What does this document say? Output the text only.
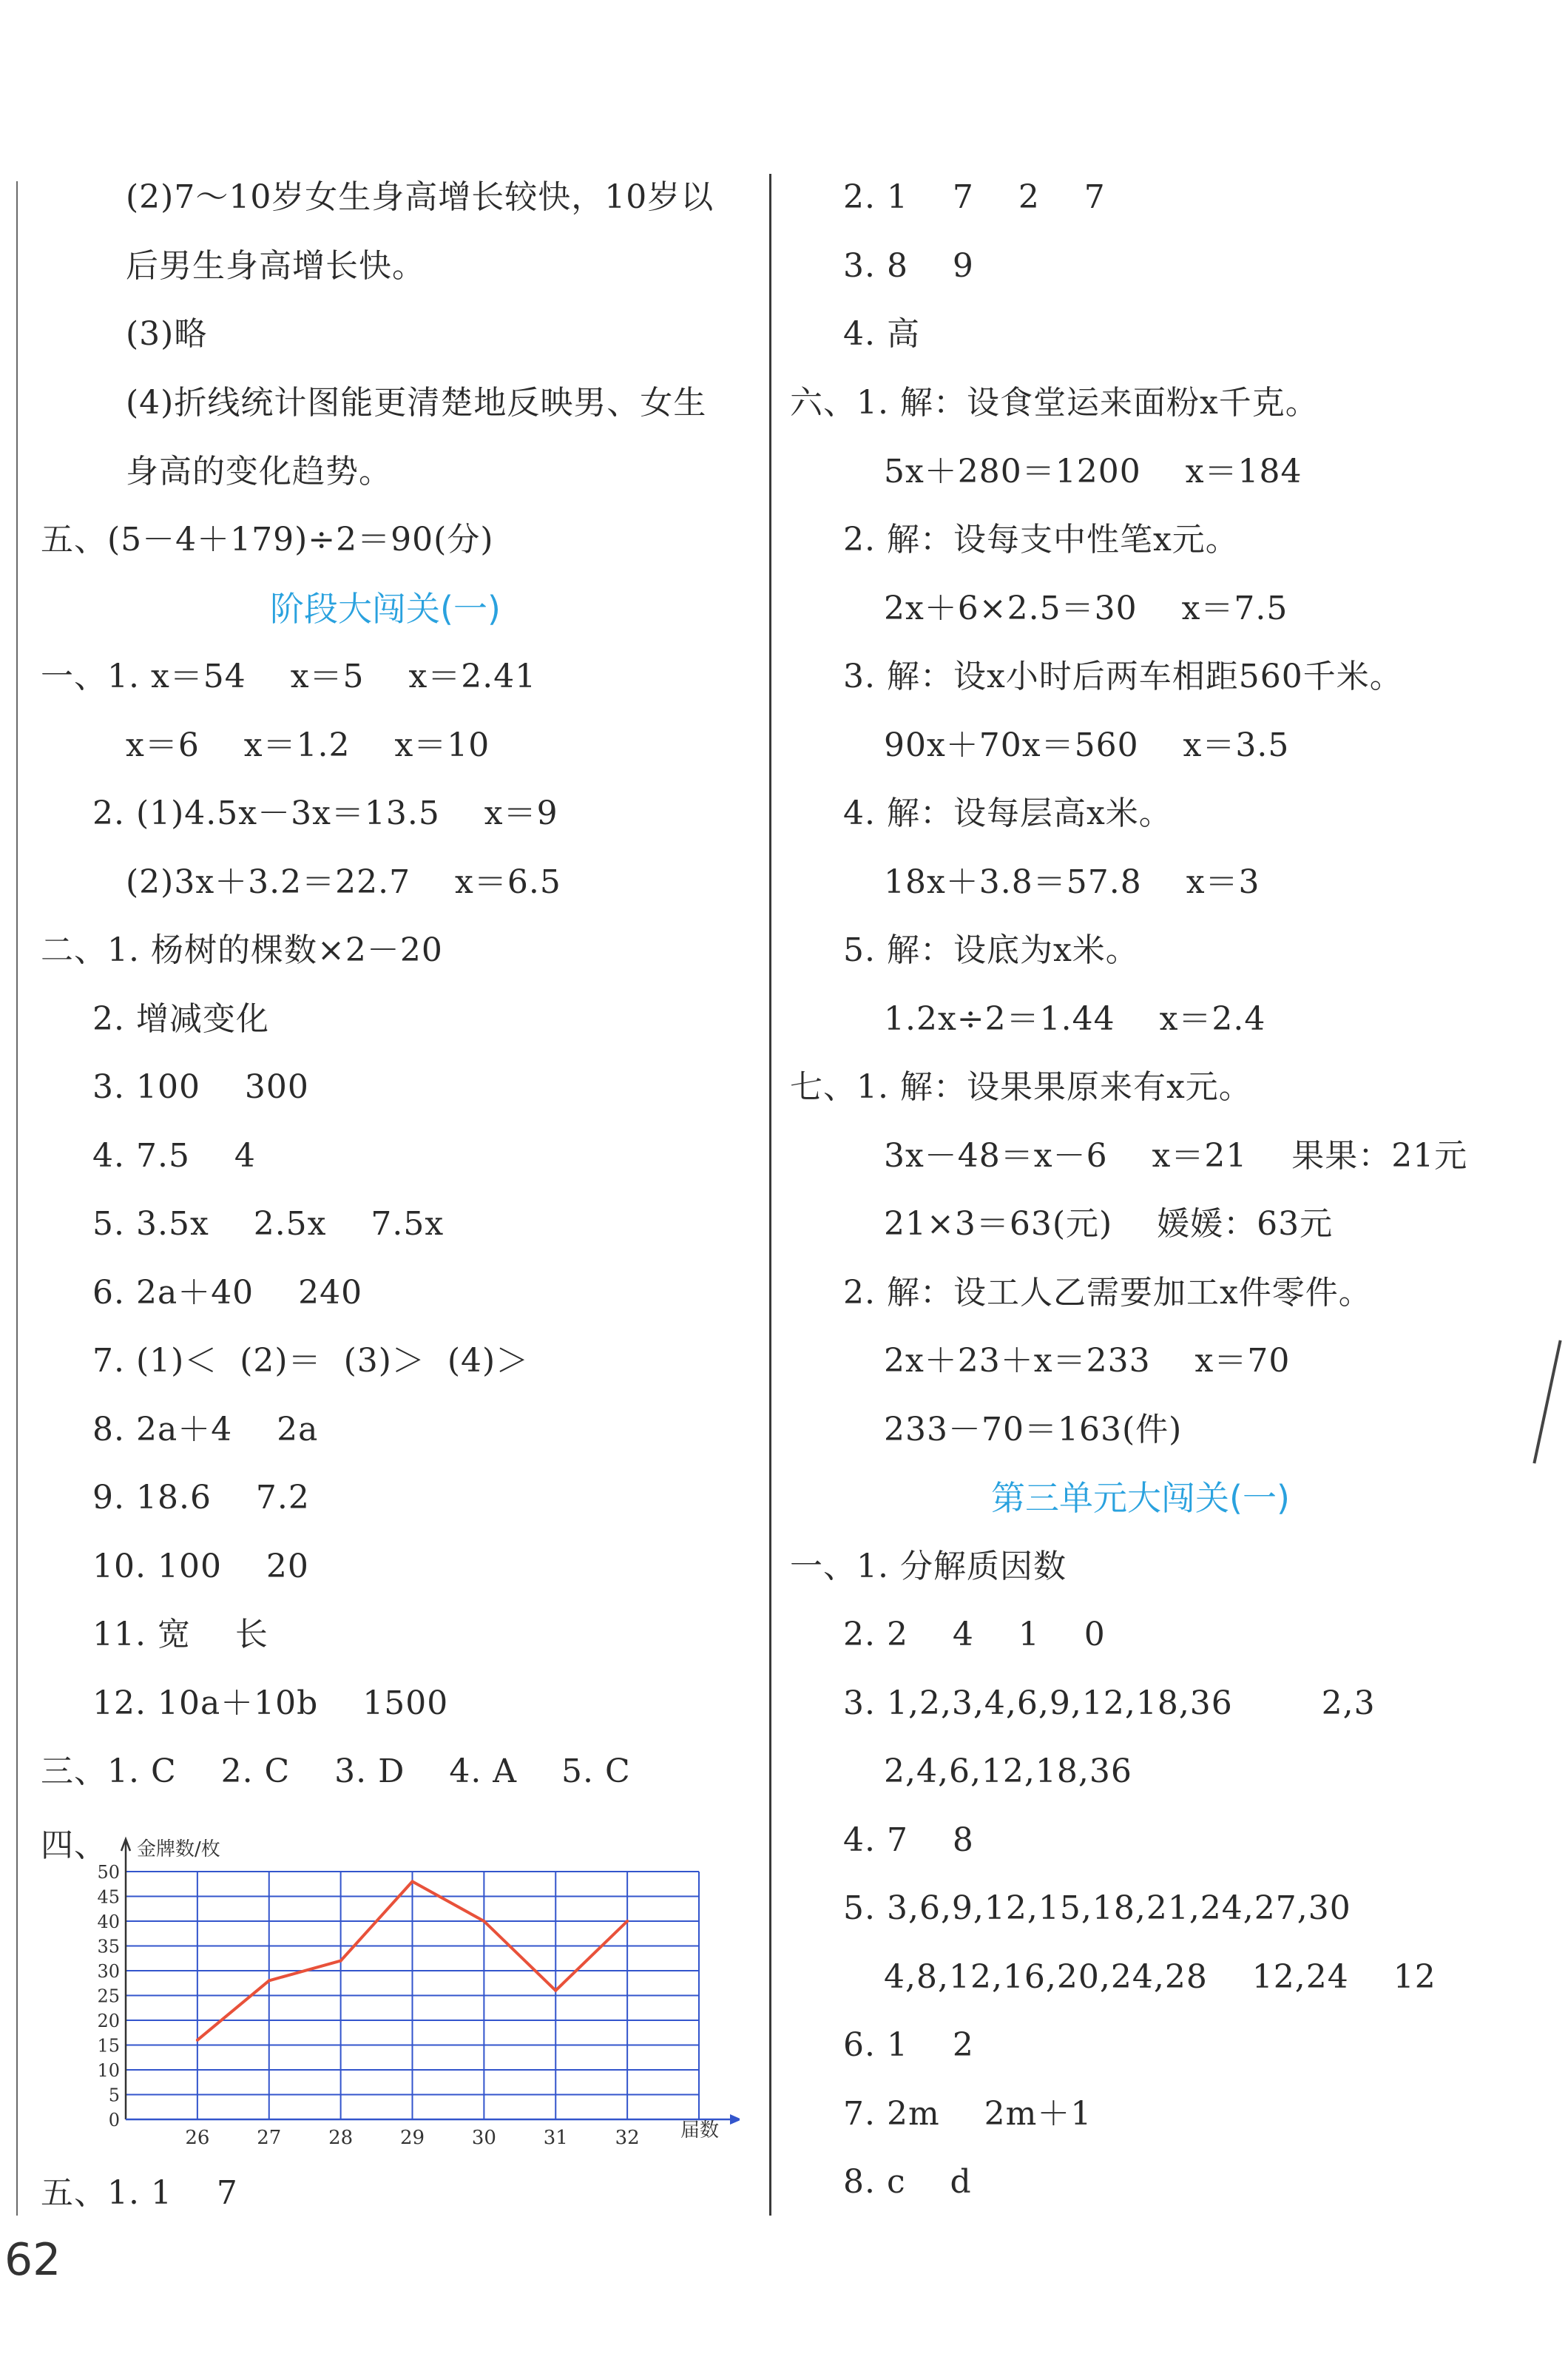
(2)7～10岁女生身高增长较快，10岁以
后男生身高增长快。
(3)略
(4)折线统计图能更清楚地反映男、女生
身高的变化趋势。
五、(5－4＋179)÷2＝90(分)
阶段大闯关(一)
一、1. x＝54    x＝5    x＝2.41
x＝6    x＝1.2    x＝10
2. (1)4.5x－3x＝13.5    x＝9
(2)3x＋3.2＝22.7    x＝6.5
二、1. 杨树的棵数×2－20
2. 增减变化
3. 100    300
4. 7.5    4
5. 3.5x    2.5x    7.5x
6. 2a＋40    240
7. (1)＜  (2)＝  (3)＞  (4)＞
8. 2a＋4    2a
9. 18.6    7.2
10. 100    20
11. 宽    长
12. 10a＋10b    1500
三、1. C    2. C    3. D    4. A    5. C
四、
五、1. 1    7
0
5
10
15
20
25
30
35
40
45
50
26 27 28 29 30 31 32
金牌数/枚
届数
2. 1    7    2    7
3. 8    9
4. 高
六、1. 解：设食堂运来面粉x千克。
5x＋280＝1200    x＝184
2. 解：设每支中性笔x元。
2x＋6×2.5＝30    x＝7.5
3. 解：设x小时后两车相距560千米。
90x＋70x＝560    x＝3.5
4. 解：设每层高x米。
18x＋3.8＝57.8    x＝3
5. 解：设底为x米。
1.2x÷2＝1.44    x＝2.4
七、1. 解：设果果原来有x元。
3x－48＝x－6    x＝21    果果：21元
21×3＝63(元)    媛媛：63元
2. 解：设工人乙需要加工x件零件。
2x＋23＋x＝233    x＝70
233－70＝163(件)
第三单元大闯关(一)
一、1. 分解质因数
2. 2    4    1    0
3. 1,2,3,4,6,9,12,18,36        2,3
2,4,6,12,18,36
4. 7    8
5. 3,6,9,12,15,18,21,24,27,30
4,8,12,16,20,24,28    12,24    12
6. 1    2
7. 2m    2m＋1
8. c    d
62
